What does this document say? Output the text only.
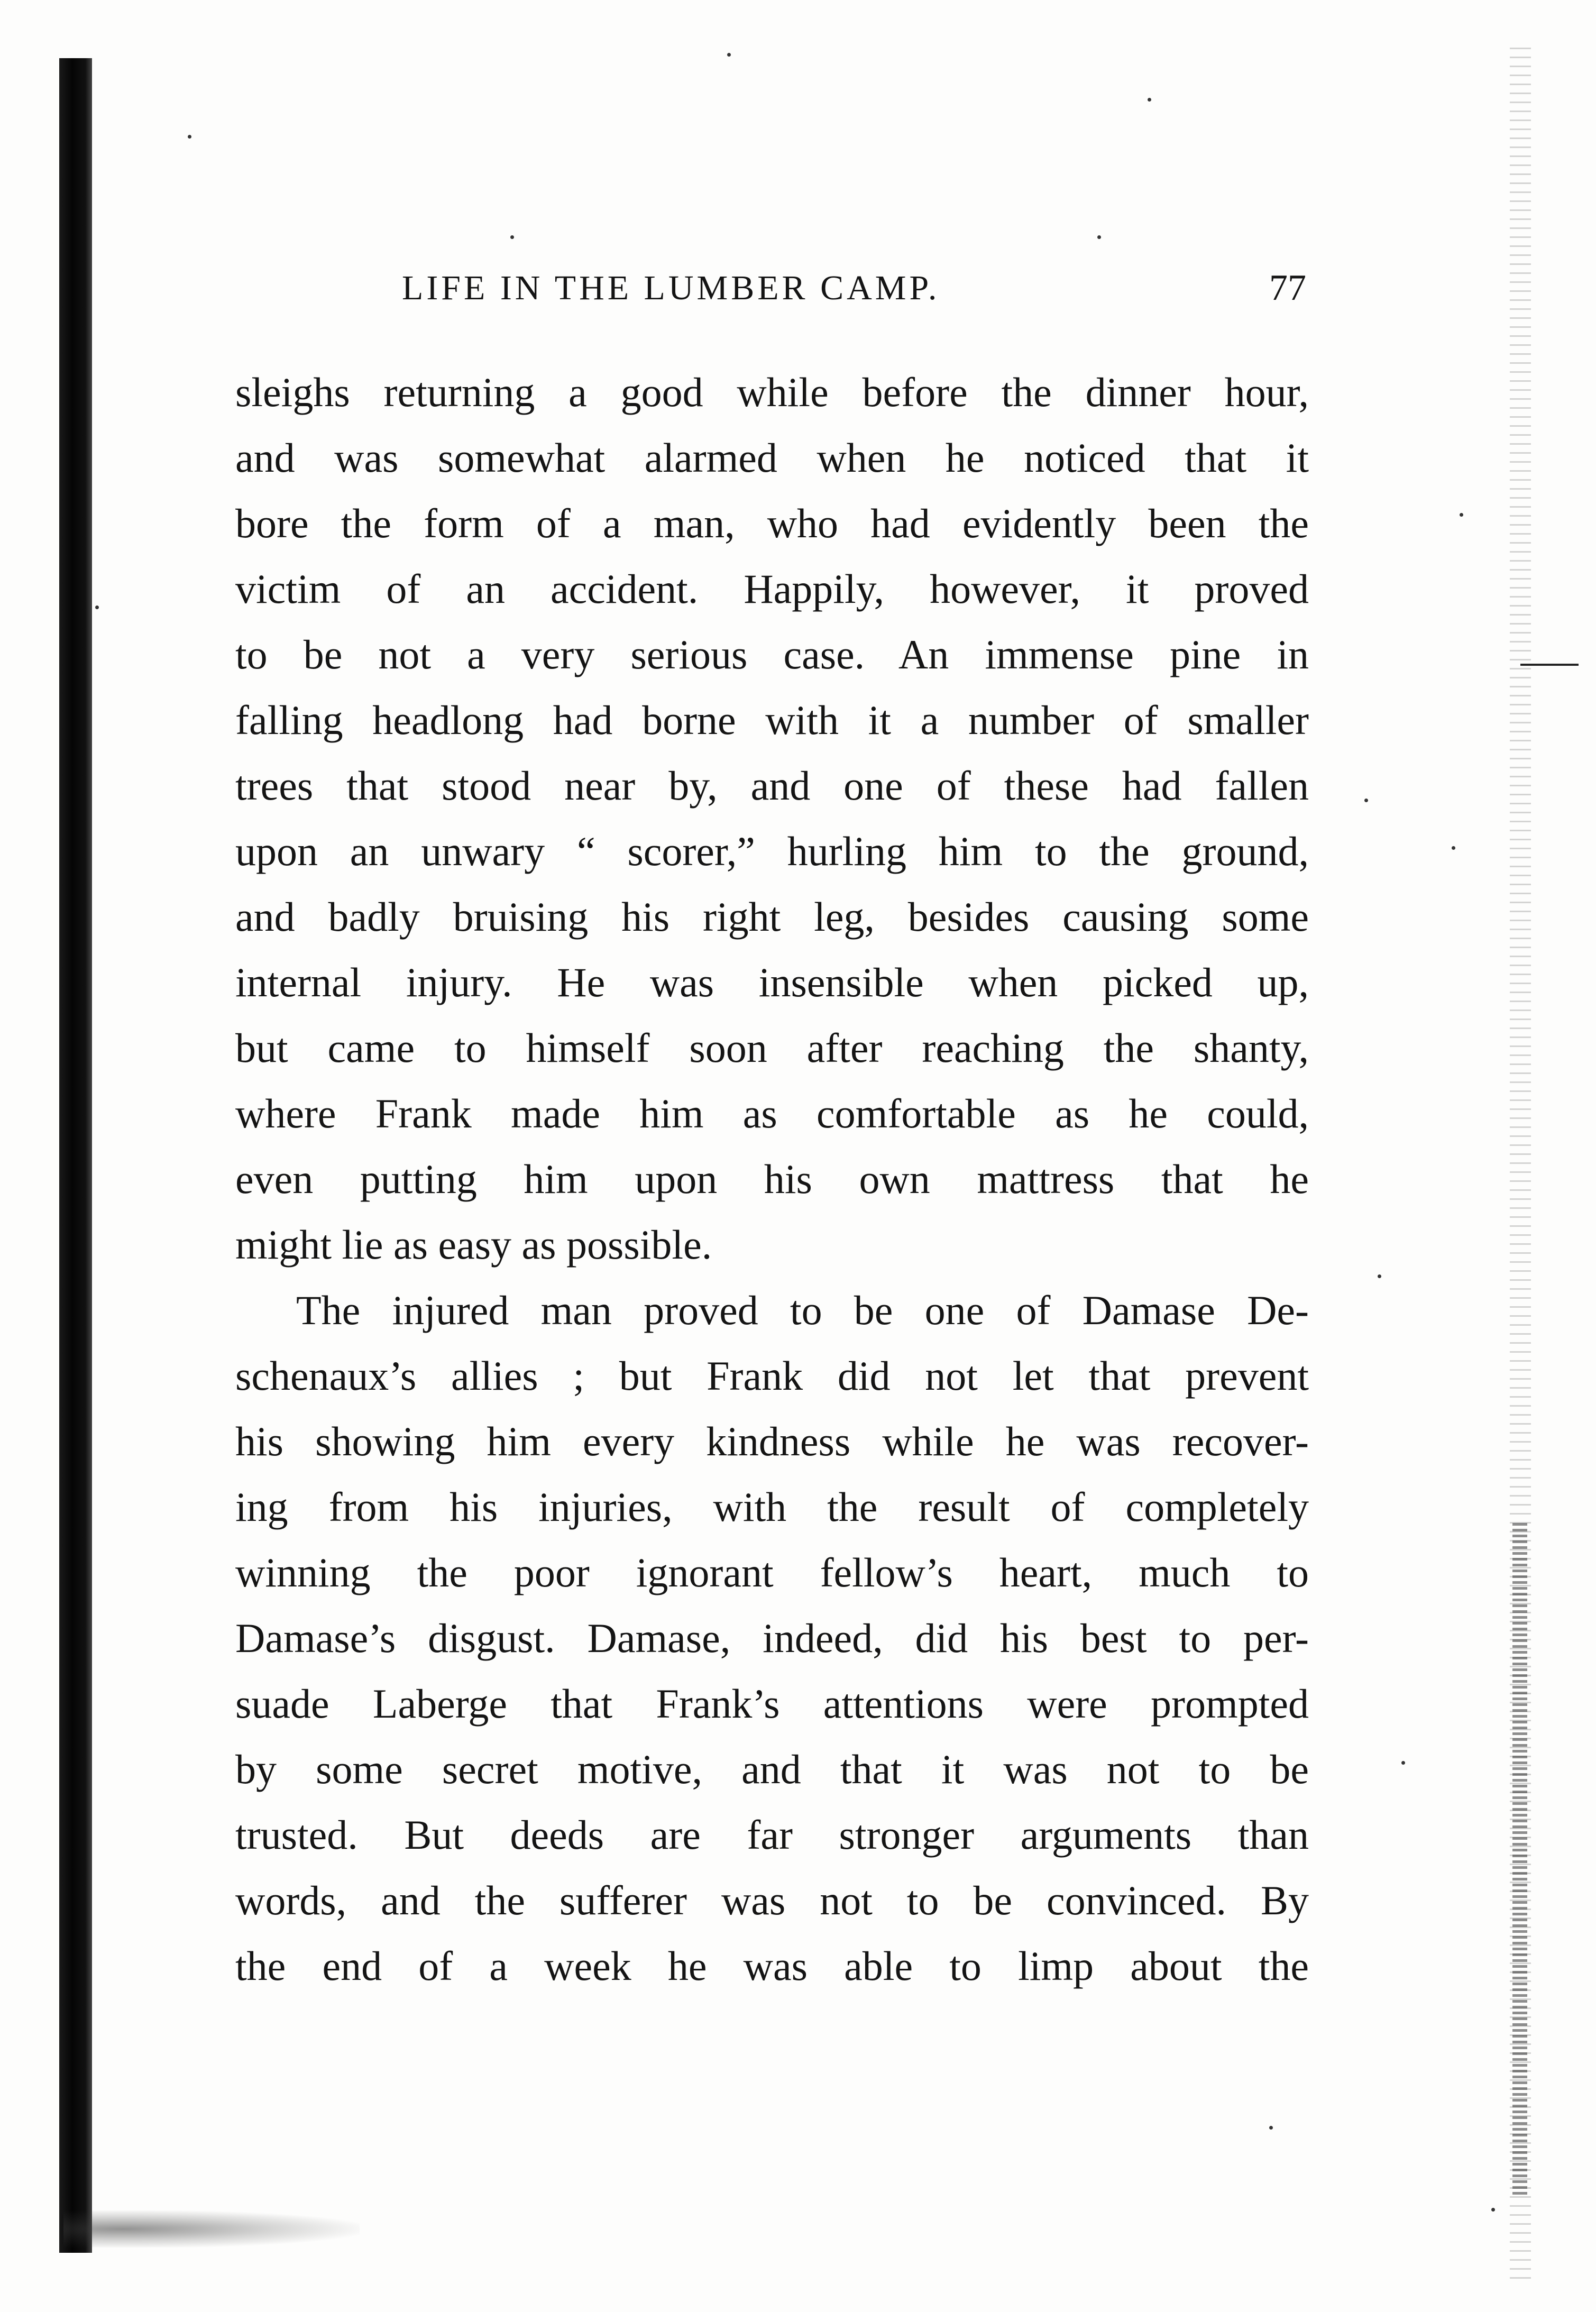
LIFE IN THE LUMBER CAMP.	77
sleighs returning a good while before the dinner hour,
and was somewhat alarmed when he noticed that it
bore the form of a man, who had evidently been the
victim of an accident. Happily, however, it proved
to be not a very serious case. An immense pine in
falling headlong had borne with it a number of smaller
trees that stood near by, and one of these had fallen
upon an unwary “ scorer,” hurling him to the ground,
and badly bruising his right leg, besides causing some
internal injury. He was insensible when picked up,
but came to himself soon after reaching the shanty,
where Frank made him as comfortable as he could,
even putting him upon his own mattress that he
might lie as easy as possible.
The injured man proved to be one of Damase De-
schenaux’s allies ; but Frank did not let that prevent
his showing him every kindness while he was recover-
ing from his injuries, with the result of completely
winning the poor ignorant fellow’s heart, much to
Damase’s disgust. Damase, indeed, did his best to per-
suade Laberge that Frank’s attentions were prompted
by some secret motive, and that it was not to be
trusted. But deeds are far stronger arguments than
words, and the sufferer was not to be convinced. By
the end of a week he was able to limp about the
